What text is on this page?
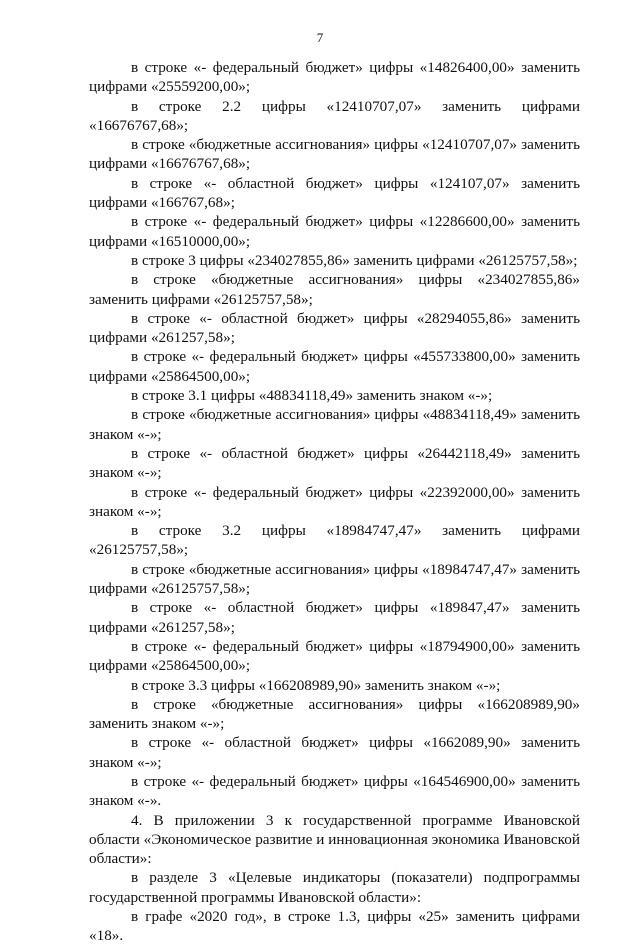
7

в строке «- федеральный бюджет» цифры «14826400,00» заменить цифрами «25559200,00»;

в строке 2.2 цифры «12410707,07» заменить цифрами «16676767,68»;

в строке «бюджетные ассигнования» цифры «12410707,07» заменить цифрами «16676767,68»;

в строке «- областной бюджет» цифры «124107,07» заменить цифрами «166767,68»;

в строке «- федеральный бюджет» цифры «12286600,00» заменить цифрами «16510000,00»;

в строке 3 цифры «234027855,86» заменить цифрами «26125757,58»;

в строке «бюджетные ассигнования» цифры «234027855,86» заменить цифрами «26125757,58»;

в строке «- областной бюджет» цифры «28294055,86» заменить цифрами «261257,58»;

в строке «- федеральный бюджет» цифры «455733800,00» заменить цифрами «25864500,00»;

в строке 3.1 цифры «48834118,49» заменить знаком «-»;

в строке «бюджетные ассигнования» цифры «48834118,49» заменить знаком «-»;

в строке «- областной бюджет» цифры «26442118,49» заменить знаком «-»;

в строке «- федеральный бюджет» цифры «22392000,00» заменить знаком «-»;

в строке 3.2 цифры «18984747,47» заменить цифрами «26125757,58»;

в строке «бюджетные ассигнования» цифры «18984747,47» заменить цифрами «26125757,58»;

в строке «- областной бюджет» цифры «189847,47» заменить цифрами «261257,58»;

в строке «- федеральный бюджет» цифры «18794900,00» заменить цифрами «25864500,00»;

в строке 3.3 цифры «166208989,90» заменить знаком «-»;

в строке «бюджетные ассигнования» цифры «166208989,90» заменить знаком «-»;

в строке «- областной бюджет» цифры «1662089,90» заменить знаком «-»;

в строке «- федеральный бюджет» цифры «164546900,00» заменить знаком «-».

4. В приложении 3 к государственной программе Ивановской области «Экономическое развитие и инновационная экономика Ивановской области»:

в разделе 3 «Целевые индикаторы (показатели) подпрограммы государственной программы Ивановской области»:

в графе «2020 год», в строке 1.3, цифры «25» заменить цифрами «18».
